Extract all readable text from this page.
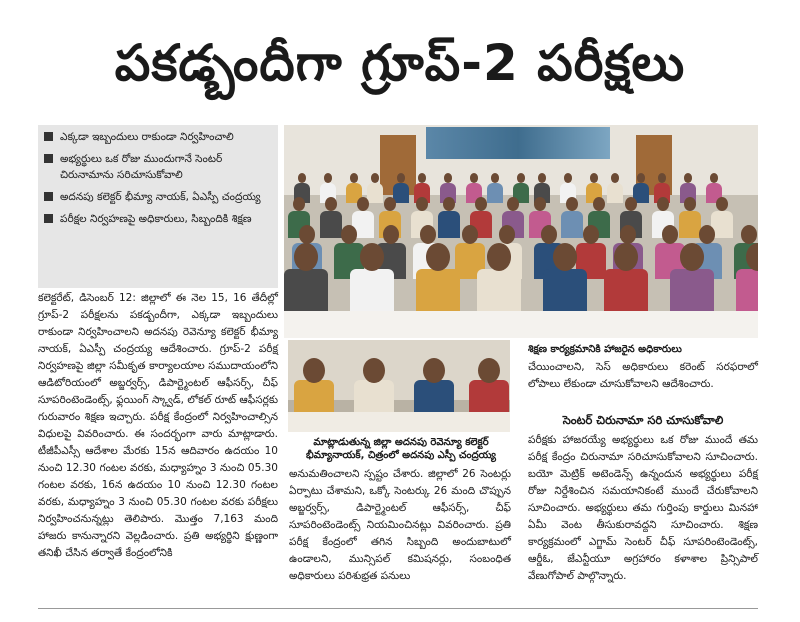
పకడ్బందీగా గ్రూప్-2 పరీక్షలు
ఎక్కడా ఇబ్బందులు రాకుండా నిర్వహించాలి
అభ్యర్థులు ఒక రోజు ముందుగానే సెంటర్ చిరునామాను సరిచూసుకోవాలి
అదనపు కలెక్టర్ భీమ్యా నాయక్, ఏఎస్పీ చంద్రయ్య
పరీక్షల నిర్వహణపై అధికారులు, సిబ్బందికి శిక్షణ
శిక్షణ కార్యక్రమానికి హాజరైన అధికారులు
మాట్లాడుతున్న జిల్లా అదనపు రెవెన్యూ కలెక్టర్ భీమ్యానాయక్, చిత్రంలో అదనపు ఎస్పీ చంద్రయ్య
కలెక్టరేట్, డిసెంబర్ 12: జిల్లాలో ఈ నెల 15, 16 తేదీల్లో గ్రూప్-2 పరీక్షలను పకడ్బందీగా, ఎక్కడా ఇబ్బందులు రాకుండా నిర్వహించాలని అదనపు రెవెన్యూ కలెక్టర్ భీమ్యా నాయక్, ఏఎస్పీ చంద్రయ్య ఆదేశించారు. గ్రూప్-2 పరీక్ష నిర్వహణపై జిల్లా సమీకృత కార్యాలయాల సముదాయంలోని ఆడిటోరియంలో అబ్జర్వర్స్, డిపార్ట్మెంటల్ ఆఫీసర్స్, చీఫ్ సూపరింటెండెంట్స్, ఫ్లయింగ్ స్క్వాడ్, లోకల్ రూట్ ఆఫీసర్లకు గురువారం శిక్షణ ఇచ్చారు. పరీక్ష కేంద్రంలో నిర్వహించాల్సిన విధులపై వివరించారు. ఈ సందర్భంగా వారు మాట్లాడారు. టీజీపీఎస్సీ ఆదేశాల మేరకు 15న ఆదివారం ఉదయం 10 నుంచి 12.30 గంటల వరకు, మధ్యాహ్నం 3 నుంచి 05.30 గంటల వరకు, 16న ఉదయం 10 నుంచి 12.30 గంటల వరకు, మధ్యాహ్నం 3 నుంచి 05.30 గంటల వరకు పరీక్షలు నిర్వహించనున్నట్లు తెలిపారు. మొత్తం 7,163 మంది హాజరు కానున్నారని వెల్లడించారు. ప్రతి అభ్యర్థిని క్షుణ్ణంగా తనిఖీ చేసిన తర్వాతే కేంద్రంలోనికి
అనుమతించాలని స్పష్టం చేశారు. జిల్లాలో 26 సెంటర్లు ఏర్పాటు చేశామని, ఒక్కో సెంటర్కు 26 మంది చొప్పున అబ్జర్వర్స్, డిపార్ట్మెంటల్ ఆఫీసర్స్, చీఫ్ సూపరింటెండెంట్స్ నియమించినట్లు వివరించారు. ప్రతి పరీక్ష కేంద్రంలో తగిన సిబ్బంది అందుబాటులో ఉండాలని, మున్సిపల్ కమిషనర్లు, సంబంధిత అధికారులు పరిశుభ్రత పనులు
చేయించాలని, సెస్ అధికారులు కరెంట్ సరఫరాలో లోపాలు లేకుండా చూసుకోవాలని ఆదేశించారు.
సెంటర్ చిరునామా సరి చూసుకోవాలి
పరీక్షకు హాజరయ్యే అభ్యర్థులు ఒక రోజు ముందే తమ పరీక్ష కేంద్రం చిరునామా సరిచూసుకోవాలని సూచించారు. బయో మెట్రిక్ అటెండెన్స్ ఉన్నందున అభ్యర్థులు పరీక్ష రోజు నిర్దేశించిన సమయానికంటే ముందే చేరుకోవాలని సూచించారు. అభ్యర్థులు తమ గుర్తింపు కార్డులు మినహా ఏమీ వెంట తీసుకురావద్దని సూచించారు. శిక్షణ కార్యక్రమంలో ఎగ్జామ్ సెంటర్ చీఫ్ సూపరింటెండెంట్స్, ఆర్డీఓ, జేఎన్టీయూ అగ్రహారం కళాశాల ప్రిన్సిపాల్ వేణుగోపాల్ పాల్గొన్నారు.
